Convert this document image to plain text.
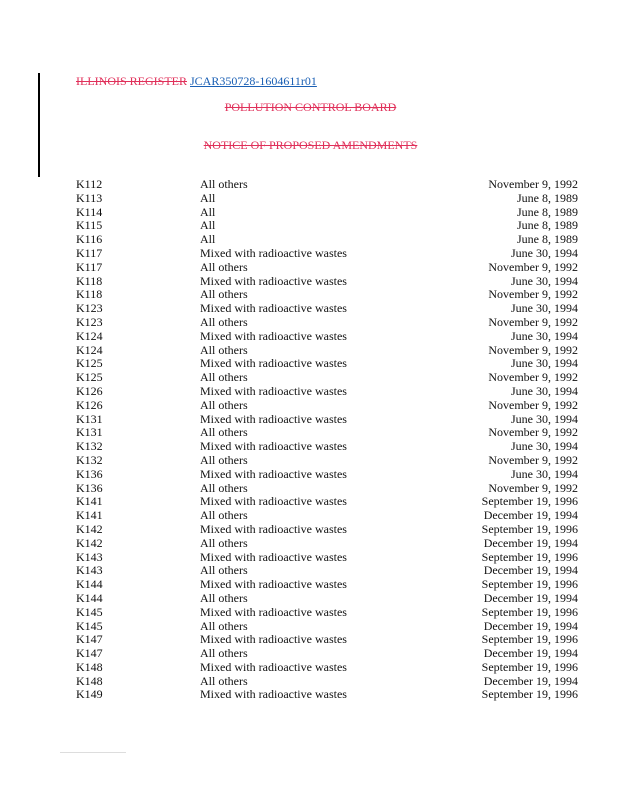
ILLINOIS REGISTER JCAR350728-1604611r01
POLLUTION CONTROL BOARD
NOTICE OF PROPOSED AMENDMENTS
K112	All others	November 9, 1992
K113	All	June 8, 1989
K114	All	June 8, 1989
K115	All	June 8, 1989
K116	All	June 8, 1989
K117	Mixed with radioactive wastes	June 30, 1994
K117	All others	November 9, 1992
K118	Mixed with radioactive wastes	June 30, 1994
K118	All others	November 9, 1992
K123	Mixed with radioactive wastes	June 30, 1994
K123	All others	November 9, 1992
K124	Mixed with radioactive wastes	June 30, 1994
K124	All others	November 9, 1992
K125	Mixed with radioactive wastes	June 30, 1994
K125	All others	November 9, 1992
K126	Mixed with radioactive wastes	June 30, 1994
K126	All others	November 9, 1992
K131	Mixed with radioactive wastes	June 30, 1994
K131	All others	November 9, 1992
K132	Mixed with radioactive wastes	June 30, 1994
K132	All others	November 9, 1992
K136	Mixed with radioactive wastes	June 30, 1994
K136	All others	November 9, 1992
K141	Mixed with radioactive wastes	September 19, 1996
K141	All others	December 19, 1994
K142	Mixed with radioactive wastes	September 19, 1996
K142	All others	December 19, 1994
K143	Mixed with radioactive wastes	September 19, 1996
K143	All others	December 19, 1994
K144	Mixed with radioactive wastes	September 19, 1996
K144	All others	December 19, 1994
K145	Mixed with radioactive wastes	September 19, 1996
K145	All others	December 19, 1994
K147	Mixed with radioactive wastes	September 19, 1996
K147	All others	December 19, 1994
K148	Mixed with radioactive wastes	September 19, 1996
K148	All others	December 19, 1994
K149	Mixed with radioactive wastes	September 19, 1996
